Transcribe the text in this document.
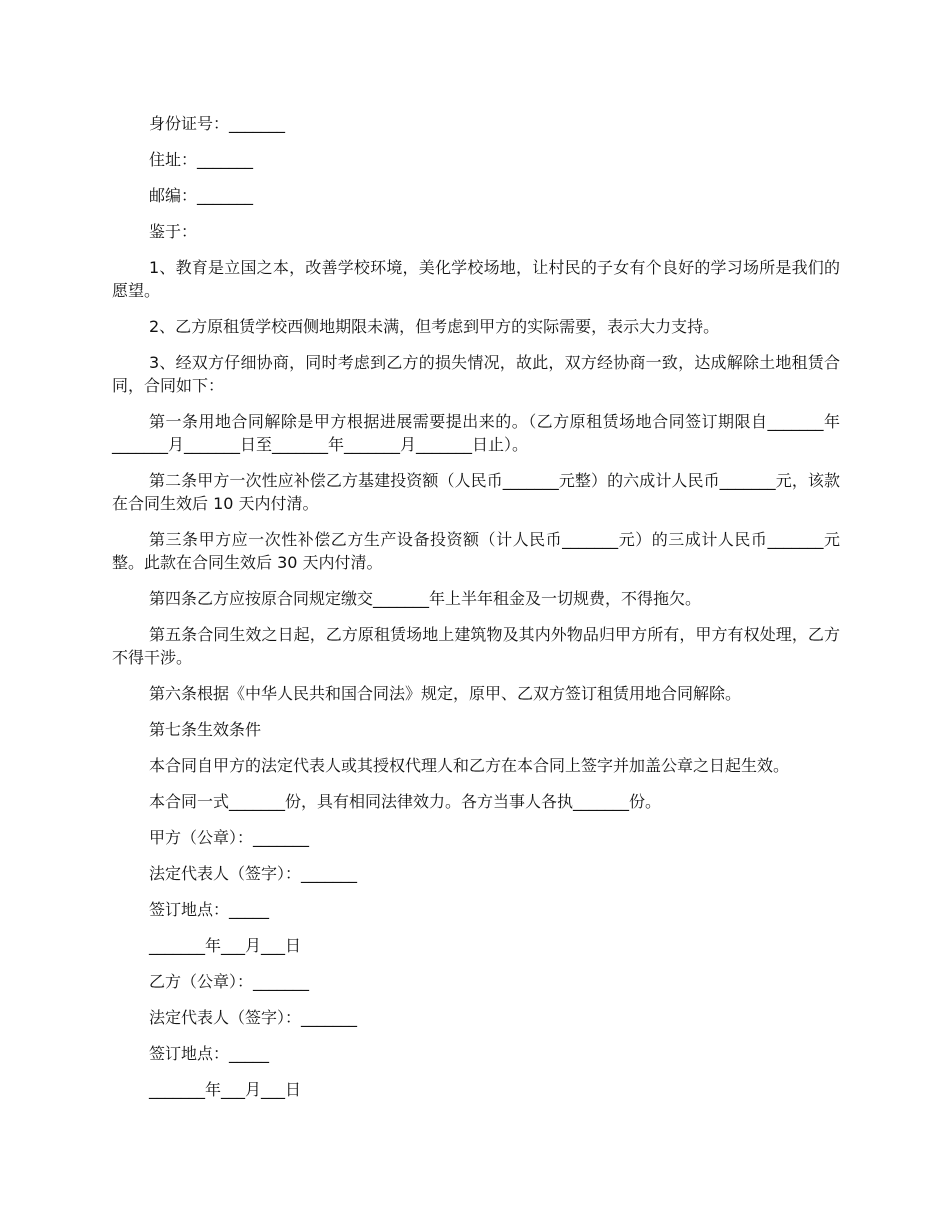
身份证号：_______

住址：_______

邮编：_______

鉴于：

1、教育是立国之本，改善学校环境，美化学校场地，让村民的子女有个良好的学习场所是我们的愿望。

2、乙方原租赁学校西侧地期限未满，但考虑到甲方的实际需要，表示大力支持。

3、经双方仔细协商，同时考虑到乙方的损失情况，故此，双方经协商一致，达成解除土地租赁合同，合同如下：

第一条用地合同解除是甲方根据进展需要提出来的。（乙方原租赁场地合同签订期限自_______年_______月_______日至_______年_______月_______日止）。

第二条甲方一次性应补偿乙方基建投资额（人民币_______元整）的六成计人民币_______元，该款在合同生效后 10 天内付清。

第三条甲方应一次性补偿乙方生产设备投资额（计人民币_______元）的三成计人民币_______元整。此款在合同生效后 30 天内付清。

第四条乙方应按原合同规定缴交_______年上半年租金及一切规费，不得拖欠。

第五条合同生效之日起，乙方原租赁场地上建筑物及其内外物品归甲方所有，甲方有权处理，乙方不得干涉。

第六条根据《中华人民共和国合同法》规定，原甲、乙双方签订租赁用地合同解除。

第七条生效条件

本合同自甲方的法定代表人或其授权代理人和乙方在本合同上签字并加盖公章之日起生效。

本合同一式_______份，具有相同法律效力。各方当事人各执_______份。

甲方（公章）：_______

法定代表人（签字）：_______

签订地点：_____

_______年___月___日

乙方（公章）：_______

法定代表人（签字）：_______

签订地点：_____

_______年___月___日
